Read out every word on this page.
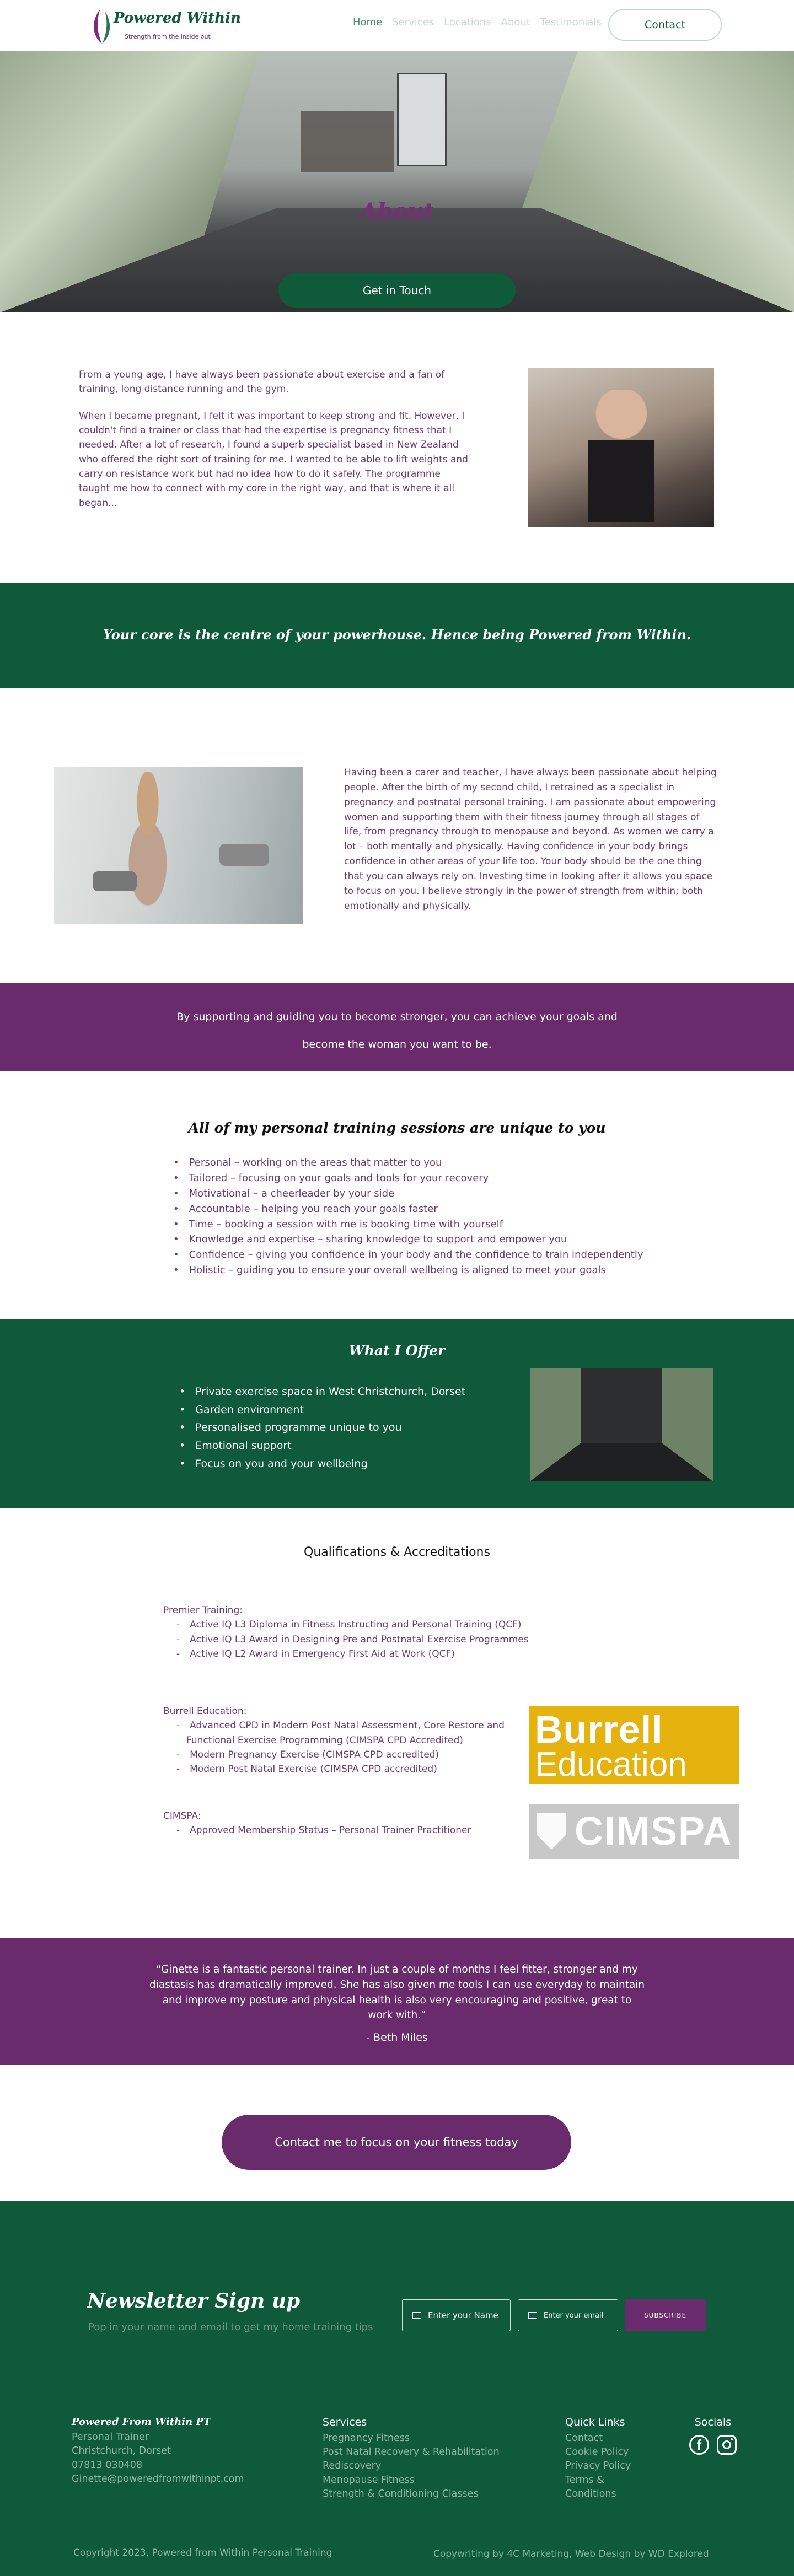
Powered Within
Strength from the inside out
Home Services Locations About Testimonials	Contact
About
Get in Touch

From a young age, I have always been passionate about exercise and a fan of training, long distance running and the gym.

When I became pregnant, I felt it was important to keep strong and fit. However, I couldn't find a trainer or class that had the expertise is pregnancy fitness that I needed. After a lot of research, I found a superb specialist based in New Zealand who offered the right sort of training for me. I wanted to be able to lift weights and carry on resistance work but had no idea how to do it safely. The programme taught me how to connect with my core in the right way, and that is where it all began...

Your core is the centre of your powerhouse. Hence being Powered from Within.
Having been a carer and teacher, I have always been passionate about helping people. After the birth of my second child, I retrained as a specialist in pregnancy and postnatal personal training. I am passionate about empowering women and supporting them with their fitness journey through all stages of life, from pregnancy through to menopause and beyond. As women we carry a lot – both mentally and physically. Having confidence in your body brings confidence in other areas of your life too. Your body should be the one thing that you can always rely on. Investing time in looking after it allows you space to focus on you. I believe strongly in the power of strength from within; both emotionally and physically.
By supporting and guiding you to become stronger, you can achieve your goals and become the woman you want to be.
All of my personal training sessions are unique to you
• Personal – working on the areas that matter to you
• Tailored – focusing on your goals and tools for your recovery
• Motivational – a cheerleader by your side
• Accountable – helping you reach your goals faster
• Time – booking a session with me is booking time with yourself
• Knowledge and expertise – sharing knowledge to support and empower you
• Confidence – giving you confidence in your body and the confidence to train independently
• Holistic – guiding you to ensure your overall wellbeing is aligned to meet your goals
What I Offer
• Private exercise space in West Christchurch, Dorset
• Garden environment
• Personalised programme unique to you
• Emotional support
• Focus on you and your wellbeing
Qualifications & Accreditations
Premier Training:
- Active IQ L3 Diploma in Fitness Instructing and Personal Training (QCF)
- Active IQ L3 Award in Designing Pre and Postnatal Exercise Programmes
- Active IQ L2 Award in Emergency First Aid at Work (QCF)
Burrell Education:
- Advanced CPD in Modern Post Natal Assessment, Core Restore and Functional Exercise Programming (CIMSPA CPD Accredited)
- Modern Pregnancy Exercise (CIMSPA CPD accredited)
- Modern Post Natal Exercise (CIMSPA CPD accredited)
CIMSPA:
- Approved Membership Status – Personal Trainer Practitioner
Burrell
Education
CIMSPA
“Ginette is a fantastic personal trainer. In just a couple of months I feel fitter, stronger and my diastasis has dramatically improved. She has also given me tools I can use everyday to maintain and improve my posture and physical health is also very encouraging and positive, great to work with.”
- Beth Miles
Contact me to focus on your fitness today
Newsletter Sign up
Pop in your name and email to get my home training tips
Enter your Name	Enter your email	SUBSCRIBE
Powered From Within PT
Personal Trainer
Christchurch, Dorset
07813 030408
Ginette@poweredfromwithinpt.com
Services
Pregnancy Fitness
Post Natal Recovery & Rehabilitation
Rediscovery
Menopause Fitness
Strength & Conditioning Classes
Quick Links
Contact
Cookie Policy
Privacy Policy
Terms & Conditions
Socials
f
Copyright 2023, Powered from Within Personal Training	Copywriting by 4C Marketing, Web Design by WD Explored
